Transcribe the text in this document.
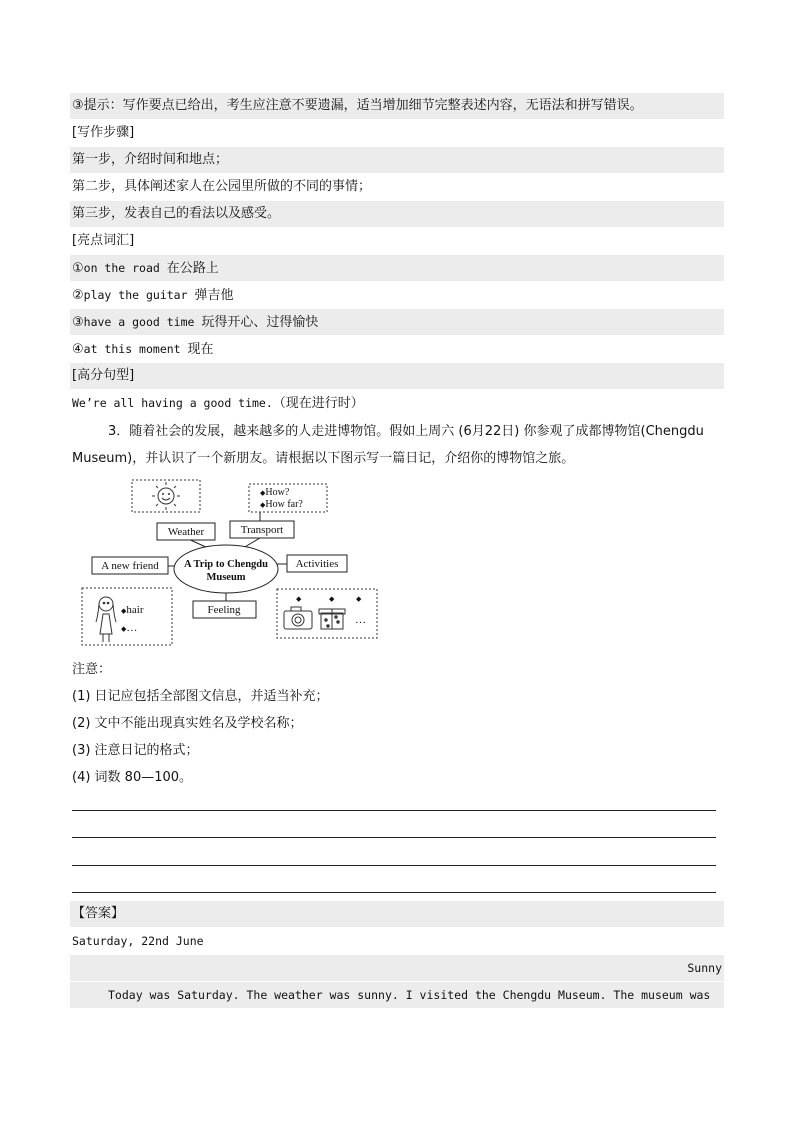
③提示：写作要点已给出，考生应注意不要遗漏，适当增加细节完整表述内容，无语法和拼写错误。
[写作步骤]
第一步，介绍时间和地点；
第二步，具体阐述家人在公园里所做的不同的事情；
第三步，发表自己的看法以及感受。
[亮点词汇]
①on the road 在公路上
②play the guitar 弹吉他
③have a good time 玩得开心、过得愉快
④at this moment 现在
[高分句型]
We’re all having a good time.（现在进行时）
3．随着社会的发展，越来越多的人走进博物馆。假如上周六 (6月22日) 你参观了成都博物馆(Chengdu Museum)，并认识了一个新朋友。请根据以下图示写一篇日记，介绍你的博物馆之旅。
◆How?
◆How far?
Weather	Transport
A new friend	Activities
A Trip to Chengdu
Museum
Feeling
◆hair
◆…
◆	◆	◆
…
注意：
(1) 日记应包括全部图文信息，并适当补充；
(2) 文中不能出现真实姓名及学校名称；
(3) 注意日记的格式；
(4) 词数 80—100。
【答案】
Saturday, 22nd June
Sunny
Today was Saturday. The weather was sunny. I visited the Chengdu Museum. The museum was
